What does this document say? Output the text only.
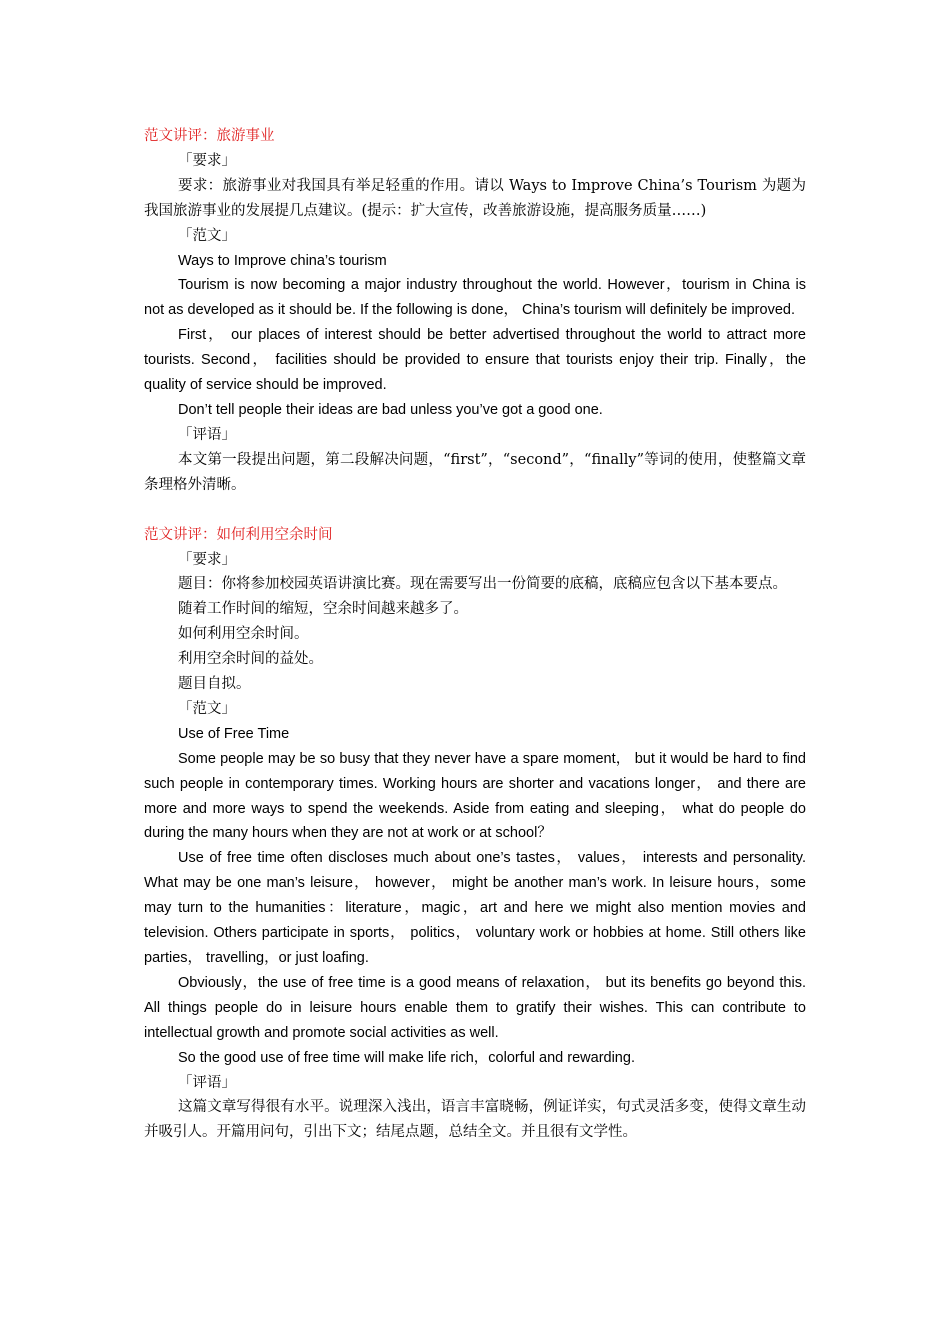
范文讲评：旅游事业

「要求」

要求：旅游事业对我国具有举足轻重的作用。请以 Ways to Improve China’s Tourism 为题为我国旅游事业的发展提几点建议。(提示：扩大宣传，改善旅游设施，提高服务质量……)

「范文」

Ways to Improve china’s tourism

Tourism is now becoming a major industry throughout the world. However，tourism in China is not as developed as it should be. If the following is done， China’s tourism will definitely be improved.

First， our places of interest should be better advertised throughout the world to attract more tourists. Second， facilities should be provided to ensure that tourists enjoy their trip. Finally，the quality of service should be improved.

Don’t tell people their ideas are bad unless you’ve got a good one.

「评语」

本文第一段提出问题，第二段解决问题，“first”，“second”，“finally”等词的使用，使整篇文章条理格外清晰。

范文讲评：如何利用空余时间

「要求」

题目：你将参加校园英语讲演比赛。现在需要写出一份简要的底稿，底稿应包含以下基本要点。

随着工作时间的缩短，空余时间越来越多了。

如何利用空余时间。

利用空余时间的益处。

题目自拟。

「范文」

Use of Free Time

Some people may be so busy that they never have a spare moment， but it would be hard to find such people in contemporary times. Working hours are shorter and vacations longer， and there are more and more ways to spend the weekends. Aside from eating and sleeping， what do people do during the many hours when they are not at work or at school？

Use of free time often discloses much about one’s tastes， values， interests and personality. What may be one man’s leisure， however， might be another man’s work. In leisure hours，some may turn to the humanities：literature，magic，art and here we might also mention movies and television. Others participate in sports， politics， voluntary work or hobbies at home. Still others like parties， travelling，or just loafing.

Obviously，the use of free time is a good means of relaxation， but its benefits go beyond this. All things people do in leisure hours enable them to gratify their wishes. This can contribute to intellectual growth and promote social activities as well.

So the good use of free time will make life rich，colorful and rewarding.

「评语」

这篇文章写得很有水平。说理深入浅出，语言丰富晓畅，例证详实，句式灵活多变，使得文章生动并吸引人。开篇用问句，引出下文；结尾点题，总结全文。并且很有文学性。
